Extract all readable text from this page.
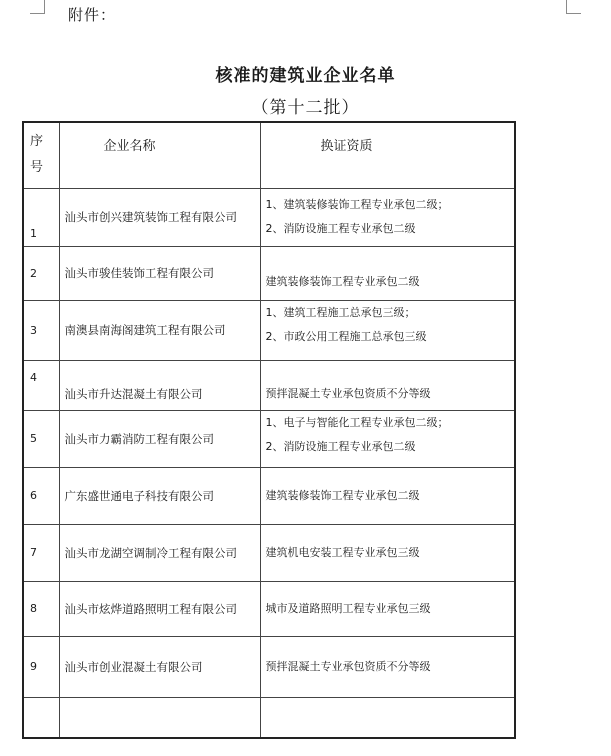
附件：
核准的建筑业企业名单
（第十二批）
序
号	企业名称	换证资质
1	汕头市创兴建筑装饰工程有限公司	1、建筑装修装饰工程专业承包二级；
2、消防设施工程专业承包二级

2	汕头市骏佳装饰工程有限公司	建筑装修装饰工程专业承包二级

3	南澳县南海阁建筑工程有限公司	1、建筑工程施工总承包三级；
2、市政公用工程施工总承包三级

4	汕头市升达混凝土有限公司	预拌混凝土专业承包资质不分等级

5	汕头市力霸消防工程有限公司	1、电子与智能化工程专业承包二级；
2、消防设施工程专业承包二级

6	广东盛世通电子科技有限公司	建筑装修装饰工程专业承包二级

7	汕头市龙湖空调制冷工程有限公司	建筑机电安装工程专业承包三级

8	汕头市炫烨道路照明工程有限公司	城市及道路照明工程专业承包三级

9	汕头市创业混凝土有限公司	预拌混凝土专业承包资质不分等级
